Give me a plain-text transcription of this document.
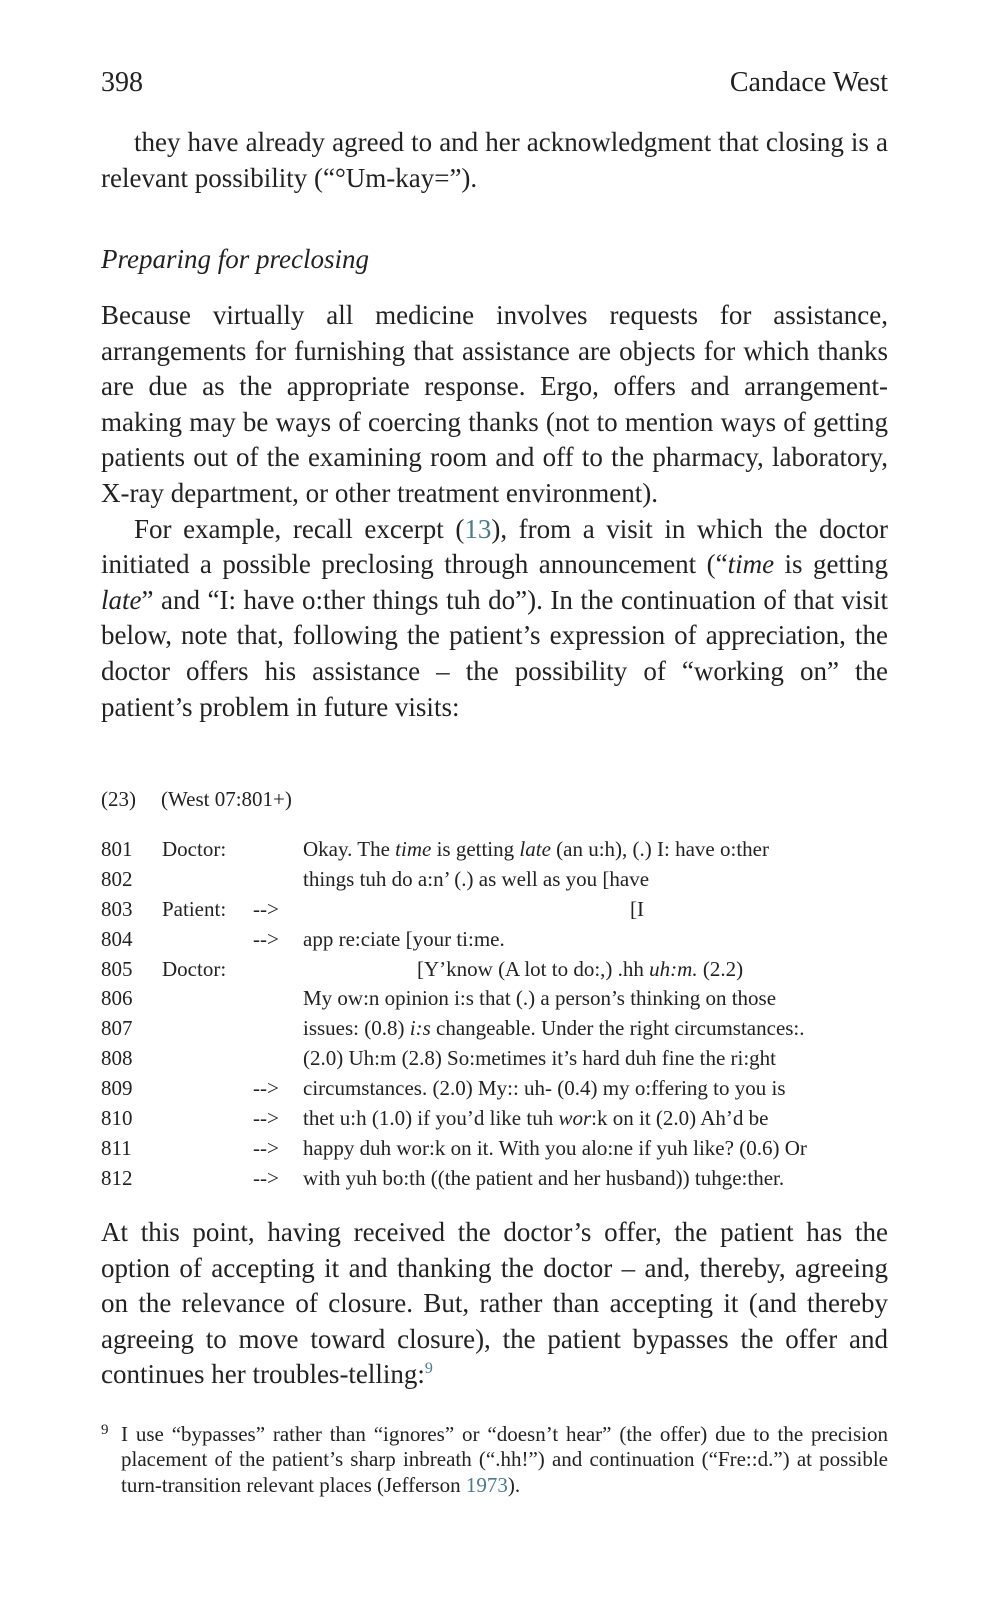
398	Candace West

they have already agreed to and her acknowledgment that closing is a relevant possibility (“°Um-kay=”).

Preparing for preclosing

Because virtually all medicine involves requests for assistance, arrangements for furnishing that assistance are objects for which thanks are due as the appropriate response. Ergo, offers and arrangement-making may be ways of coercing thanks (not to mention ways of getting patients out of the examining room and off to the pharmacy, laboratory, X-ray department, or other treatment environment).

For example, recall excerpt (13), from a visit in which the doctor initiated a possible preclosing through announcement (“time is getting late” and “I: have o:ther things tuh do”). In the continuation of that visit below, note that, following the patient’s expression of appreciation, the doctor offers his assistance – the possibility of “working on” the patient’s problem in future visits:

(23) (West 07:801+)
801 Doctor:	Okay. The time is getting late (an u:h), (.) I: have o:ther
802	things tuh do a:n’ (.) as well as you [have
803 Patient: -->	[I
804	--> app re:ciate [your ti:me.
805 Doctor:	[Y’know (A lot to do:,) .hh uh:m. (2.2)
806	My ow:n opinion i:s that (.) a person’s thinking on those
807	issues: (0.8) i:s changeable. Under the right circumstances:.
808	(2.0) Uh:m (2.8) So:metimes it’s hard duh fine the ri:ght
809	--> circumstances. (2.0) My:: uh- (0.4) my o:ffering to you is
810	--> thet u:h (1.0) if you’d like tuh wor:k on it (2.0) Ah’d be
811	--> happy duh wor:k on it. With you alo:ne if yuh like? (0.6) Or
812	--> with yuh bo:th ((the patient and her husband)) tuhge:ther.

At this point, having received the doctor’s offer, the patient has the option of accepting it and thanking the doctor – and, thereby, agreeing on the relevance of closure. But, rather than accepting it (and thereby agreeing to move toward closure), the patient bypasses the offer and continues her troubles-telling:$^9$

9 I use “bypasses” rather than “ignores” or “doesn’t hear” (the offer) due to the precision placement of the patient’s sharp inbreath (“.hh!”) and continuation (“Fre::d.”) at possible turn-transition relevant places (Jefferson 1973).
